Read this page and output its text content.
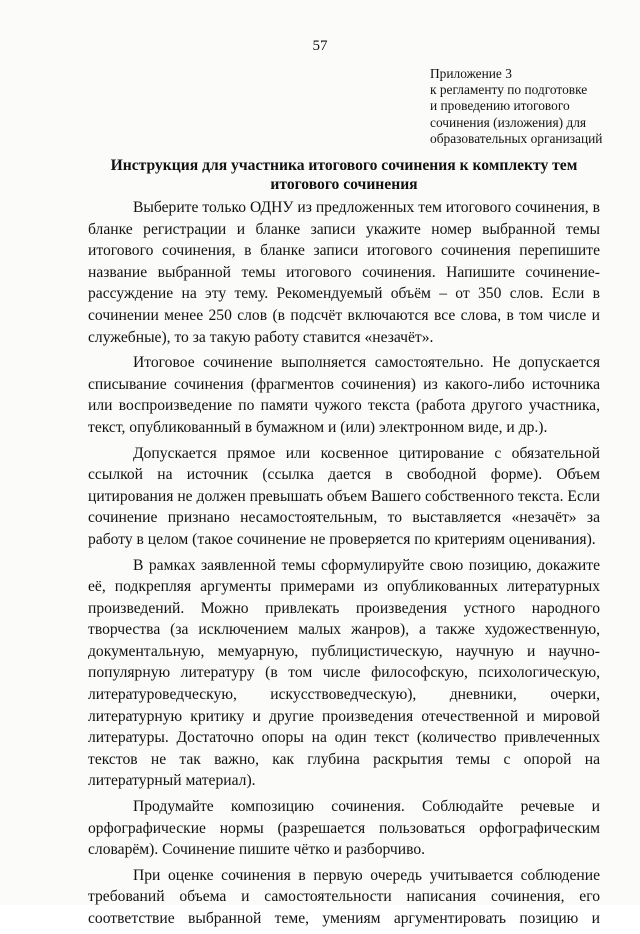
57
Приложение 3
к регламенту по подготовке
и проведению итогового
сочинения (изложения) для
образовательных организаций
Инструкция для участника итогового сочинения к комплекту тем итогового сочинения

Выберите только ОДНУ из предложенных тем итогового сочинения, в бланке регистрации и бланке записи укажите номер выбранной темы итогового сочинения, в бланке записи итогового сочинения перепишите название выбранной темы итогового сочинения. Напишите сочинение-рассуждение на эту тему. Рекомендуемый объём – от 350 слов. Если в сочинении менее 250 слов (в подсчёт включаются все слова, в том числе и служебные), то за такую работу ставится «незачёт».

Итоговое сочинение выполняется самостоятельно. Не допускается списывание сочинения (фрагментов сочинения) из какого-либо источника или воспроизведение по памяти чужого текста (работа другого участника, текст, опубликованный в бумажном и (или) электронном виде, и др.).

Допускается прямое или косвенное цитирование с обязательной ссылкой на источник (ссылка дается в свободной форме). Объем цитирования не должен превышать объем Вашего собственного текста. Если сочинение признано несамостоятельным, то выставляется «незачёт» за работу в целом (такое сочинение не проверяется по критериям оценивания).

В рамках заявленной темы сформулируйте свою позицию, докажите её, подкрепляя аргументы примерами из опубликованных литературных произведений. Можно привлекать произведения устного народного творчества (за исключением малых жанров), а также художественную, документальную, мемуарную, публицистическую, научную и научно-популярную литературу (в том числе философскую, психологическую, литературоведческую, искусствоведческую), дневники, очерки, литературную критику и другие произведения отечественной и мировой литературы. Достаточно опоры на один текст (количество привлеченных текстов не так важно, как глубина раскрытия темы с опорой на литературный материал).

Продумайте композицию сочинения. Соблюдайте речевые и орфографические нормы (разрешается пользоваться орфографическим словарём). Сочинение пишите чётко и разборчиво.

При оценке сочинения в первую очередь учитывается соблюдение требований объема и самостоятельности написания сочинения, его соответствие выбранной теме, умениям аргументировать позицию и
